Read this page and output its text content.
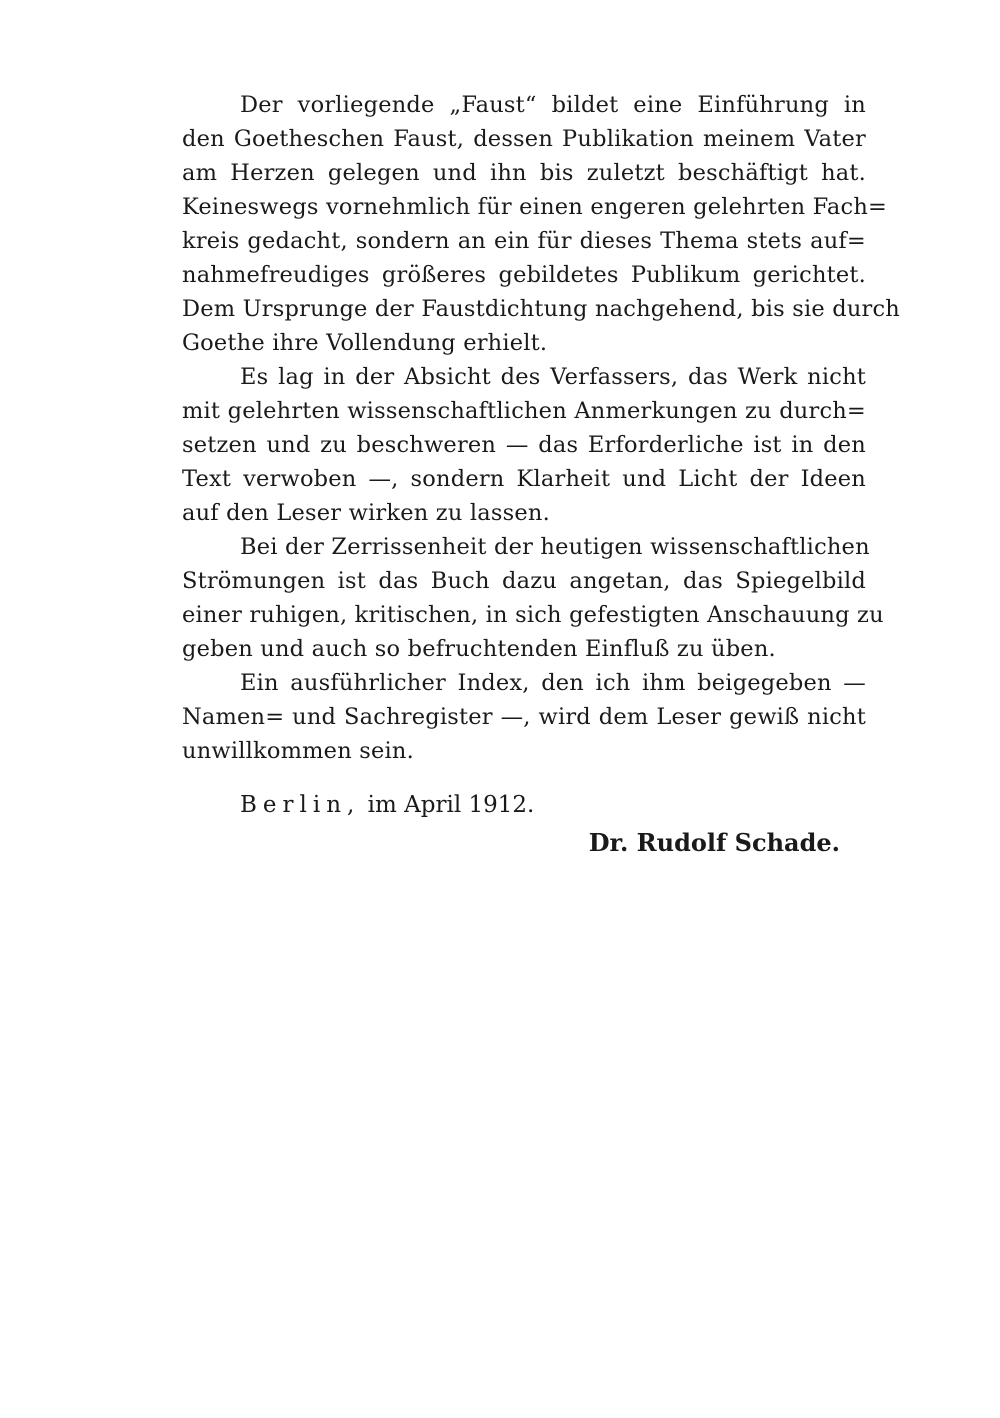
Der vorliegende „Faust“ bildet eine Einführung in
den Goetheschen Faust, dessen Publikation meinem Vater
am Herzen gelegen und ihn bis zuletzt beschäftigt hat.
Keineswegs vornehmlich für einen engeren gelehrten Fach=
kreis gedacht, sondern an ein für dieses Thema stets auf=
nahmefreudiges größeres gebildetes Publikum gerichtet.
Dem Ursprunge der Faustdichtung nachgehend, bis sie durch
Goethe ihre Vollendung erhielt.
Es lag in der Absicht des Verfassers, das Werk nicht
mit gelehrten wissenschaftlichen Anmerkungen zu durch=
setzen und zu beschweren — das Erforderliche ist in den
Text verwoben —, sondern Klarheit und Licht der Ideen
auf den Leser wirken zu lassen.
Bei der Zerrissenheit der heutigen wissenschaftlichen
Strömungen ist das Buch dazu angetan, das Spiegelbild
einer ruhigen, kritischen, in sich gefestigten Anschauung zu
geben und auch so befruchtenden Einfluß zu üben.
Ein ausführlicher Index, den ich ihm beigegeben —
Namen= und Sachregister —, wird dem Leser gewiß nicht
unwillkommen sein.
Berlin, im April 1912.
Dr. Rudolf Schade.
